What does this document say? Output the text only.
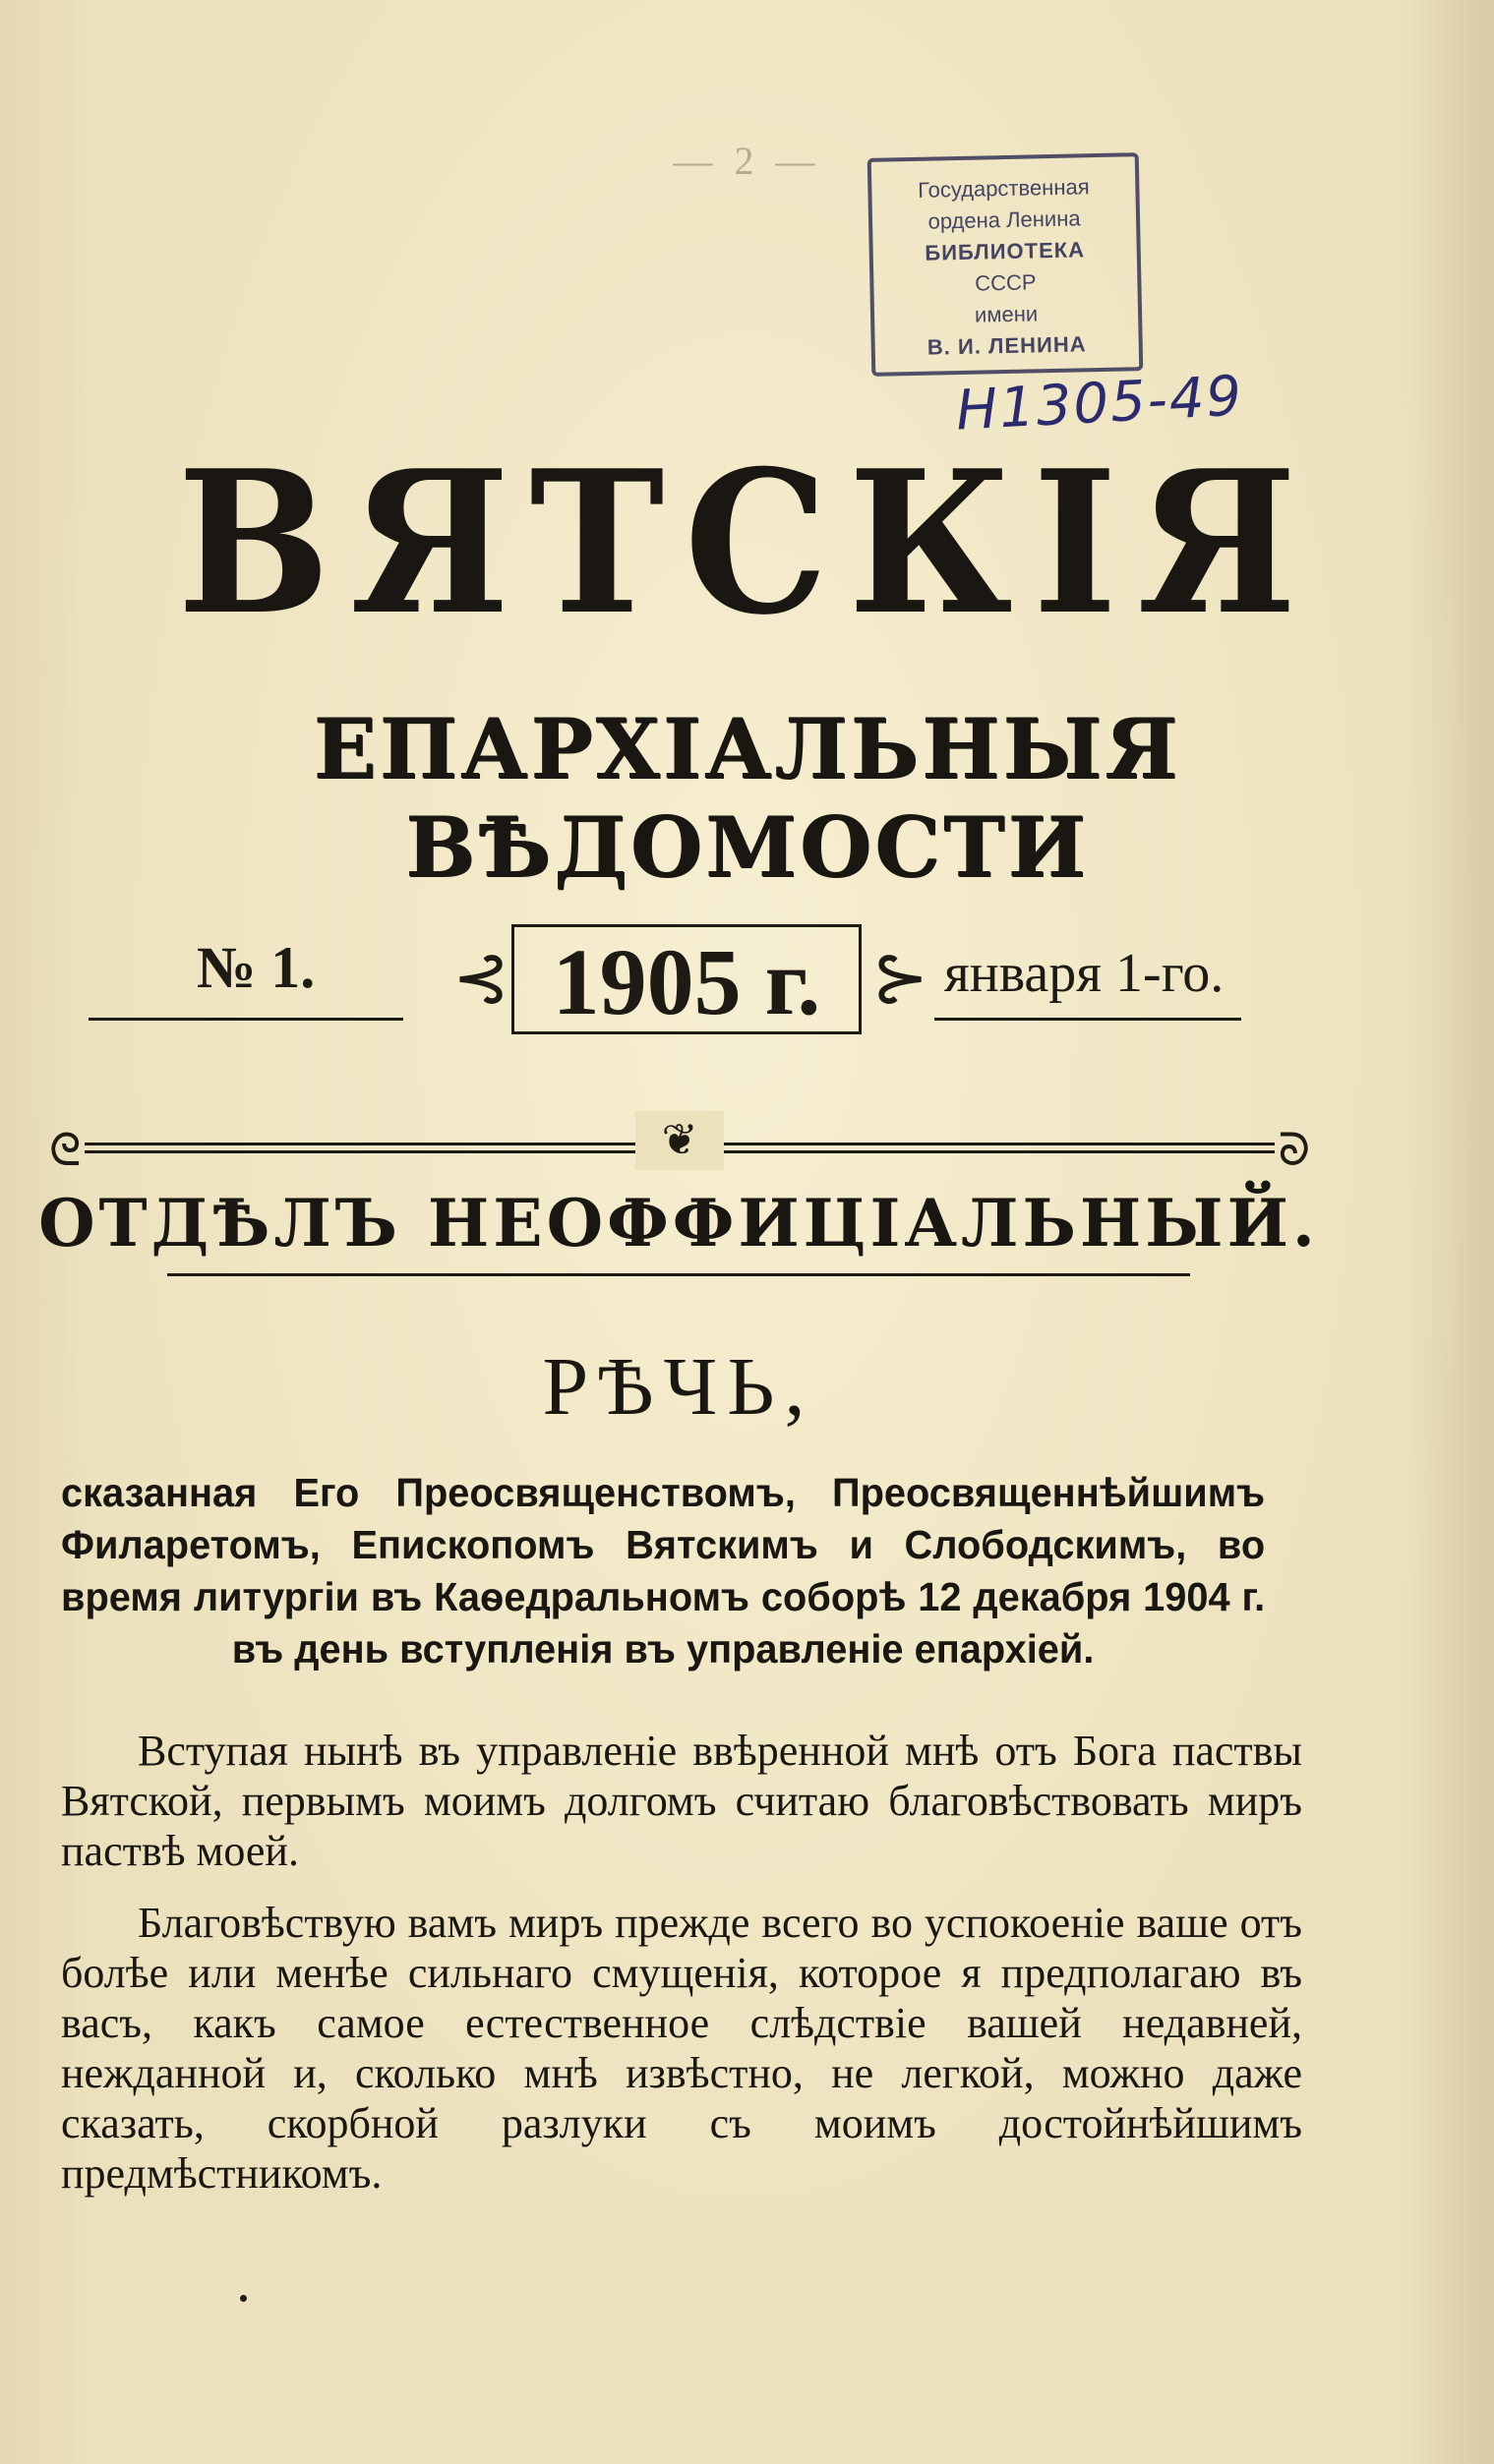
— 2 —
Государственная
ордена Ленина
БИБЛИОТЕКА
СССР
имени
В. И. ЛЕНИНА
Н1305-49
ВЯТСКІЯ
ЕПАРХІАЛЬНЫЯ ВѢДОМОСТИ
№ 1. ⊰ 1905 г. ⊱ января 1-го.
ᘓ	❦	ᘐ
ОТДѢЛЪ НЕОФФИЦІАЛЬНЫЙ.
РѢЧЬ,
сказанная Его Преосвященствомъ, Преосвященнѣйшимъ Филаретомъ, Епископомъ Вятскимъ и Слободскимъ, во время литургіи въ Каѳедральномъ соборѣ 12 декабря 1904 г. въ день вступленія въ управленіе епархіей.

Вступая нынѣ въ управленіе ввѣренной мнѣ отъ Бога паствы Вятской, первымъ моимъ долгомъ считаю благовѣствовать миръ паствѣ моей.

Благовѣствую вамъ миръ прежде всего во успокоеніе ваше отъ болѣе или менѣе сильнаго смущенія, которое я предполагаю въ васъ, какъ самое естественное слѣдствіе вашей недавней, нежданной и, сколько мнѣ извѣстно, не легкой, можно даже сказать, скорбной разлуки съ моимъ достойнѣйшимъ предмѣстникомъ.
